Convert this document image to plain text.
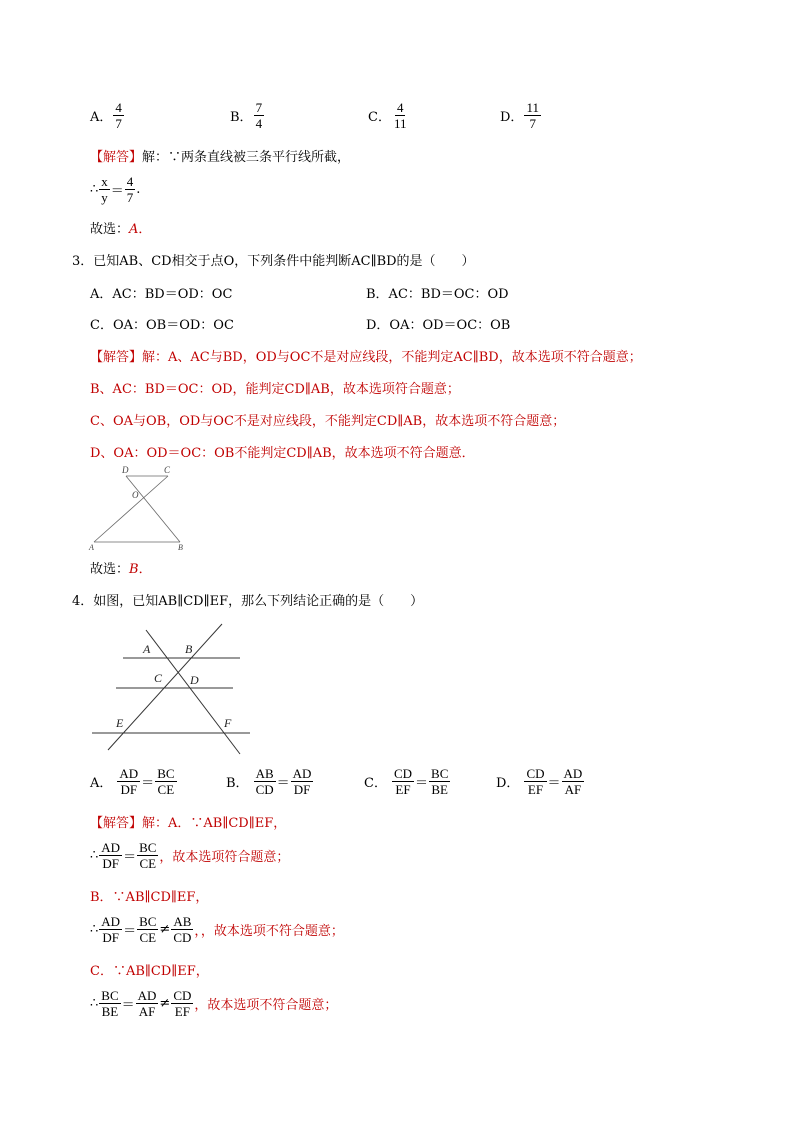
A． $\frac{4}{7}$	B． $\frac{7}{4}$	C． $\frac{4}{11}$	D． $\frac{11}{7}$
【解答】解：∵两条直线被三条平行线所截，
∴ $\frac{x}{y} = \frac{4}{7}$ .
故选：A．
3．已知AB、CD相交于点O，下列条件中能判断AC∥BD的是（　　）
A．AC：BD＝OD：OC	B．AC：BD＝OC：OD
C．OA：OB＝OD：OC	D．OA：OD＝OC：OB
【解答】解：A、AC与BD，OD与OC不是对应线段，不能判定AC∥BD，故本选项不符合题意；
B、AC：BD＝OC：OD，能判定CD∥AB，故本选项符合题意；
C、OA与OB，OD与OC不是对应线段，不能判定CD∥AB，故本选项不符合题意；
D、OA：OD＝OC：OB不能判定CD∥AB，故本选项不符合题意．
D	C
O
A	B
故选：B．
4．如图，已知AB∥CD∥EF，那么下列结论正确的是（　　）
A	B
C D
E	F
A． $\frac{AD}{DF} = \frac{BC}{CE}$	B． $\frac{AB}{CD} = \frac{AD}{DF}$	C． $\frac{CD}{EF} = \frac{BC}{BE}$	D． $\frac{CD}{EF} = \frac{AD}{AF}$
【解答】解：A．∵AB∥CD∥EF，
∴ $\frac{AD}{DF} = \frac{BC}{CE}$ ，故本选项符合题意；
B．∵AB∥CD∥EF，
∴ $\frac{AD}{DF} = \frac{BC}{CE} \ne \frac{AB}{CD}$ ，，故本选项不符合题意；
C．∵AB∥CD∥EF，
∴ $\frac{BC}{BE} = \frac{AD}{AF} \ne \frac{CD}{EF}$ ，故本选项不符合题意；
